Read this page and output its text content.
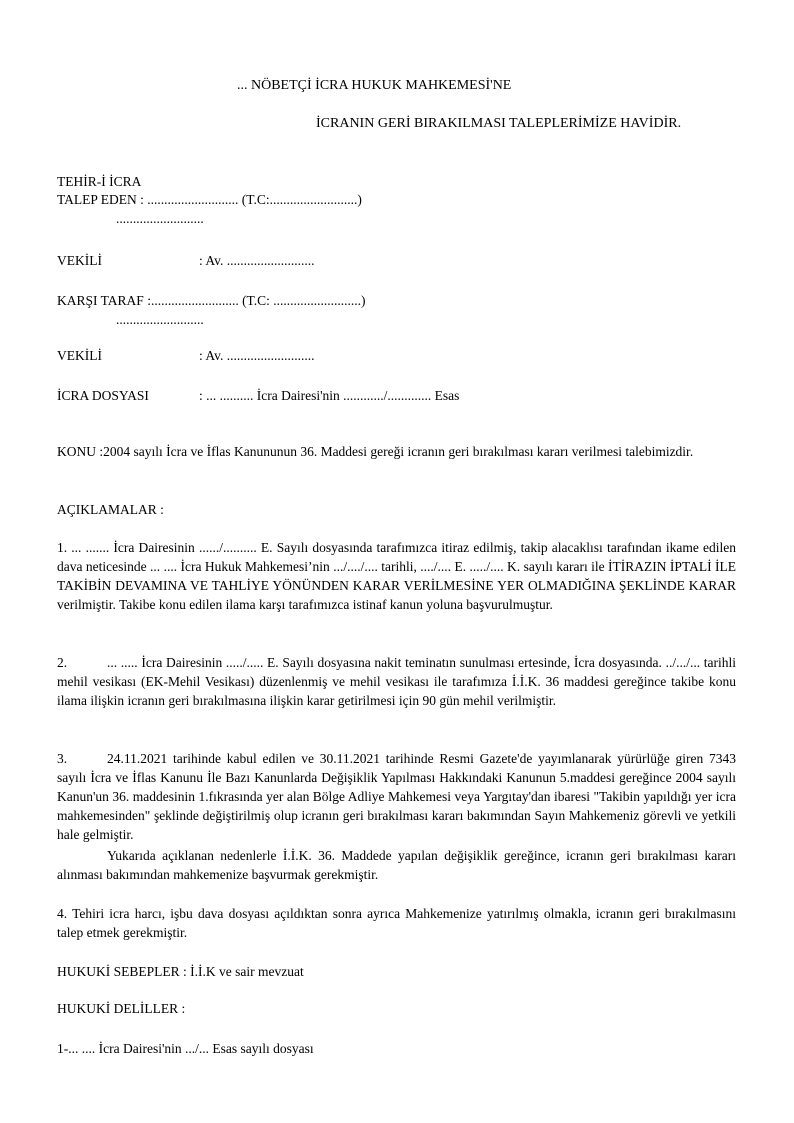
... NÖBETÇİ İCRA HUKUK MAHKEMESİ'NE
İCRANIN GERİ BIRAKILMASI TALEPLERİMİZE HAVİDİR.
TEHİR-İ İCRA
TALEP EDEN : ........................... (T.C:..........................)
..........................
VEKİLİ	: Av. ..........................
KARŞI TARAF :.......................... (T.C: ..........................)
..........................
VEKİLİ	: Av. ..........................
İCRA DOSYASI	: ... .......... İcra Dairesi'nin ............/............. Esas
KONU :2004 sayılı İcra ve İflas Kanununun 36. Maddesi gereği icranın geri bırakılması kararı verilmesi talebimizdir.
AÇIKLAMALAR :
1. ... ....... İcra Dairesinin ....../.......... E. Sayılı dosyasında tarafımızca itiraz edilmiş, takip alacaklısı tarafından ikame edilen dava neticesinde ... .... İcra Hukuk Mahkemesi’nin .../..../.... tarihli, ..../.... E. ...../.... K. sayılı kararı ile İTİRAZIN İPTALİ İLE TAKİBİN DEVAMINA VE TAHLİYE YÖNÜNDEN KARAR VERİLMESİNE YER OLMADIĞINA ŞEKLİNDE KARAR verilmiştir. Takibe konu edilen ilama karşı tarafımızca istinaf kanun yoluna başvurulmuştur.
2.	... ..... İcra Dairesinin ...../..... E. Sayılı dosyasına nakit teminatın sunulması ertesinde, İcra dosyasında. ../.../... tarihli mehil vesikası (EK-Mehil Vesikası) düzenlenmiş ve mehil vesikası ile tarafımıza İ.İ.K. 36 maddesi gereğince takibe konu ilama ilişkin icranın geri bırakılmasına ilişkin karar getirilmesi için 90 gün mehil verilmiştir.
3.	24.11.2021 tarihinde kabul edilen ve 30.11.2021 tarihinde Resmi Gazete'de yayımlanarak yürürlüğe giren 7343 sayılı İcra ve İflas Kanunu İle Bazı Kanunlarda Değişiklik Yapılması Hakkındaki Kanunun 5.maddesi gereğince 2004 sayılı Kanun'un 36. maddesinin 1.fıkrasında yer alan Bölge Adliye Mahkemesi veya Yargıtay'dan ibaresi "Takibin yapıldığı yer icra mahkemesinden" şeklinde değiştirilmiş olup icranın geri bırakılması kararı bakımından Sayın Mahkemeniz görevli ve yetkili hale gelmiştir.
Yukarıda açıklanan nedenlerle İ.İ.K. 36. Maddede yapılan değişiklik gereğince, icranın geri bırakılması kararı alınması bakımından mahkemenize başvurmak gerekmiştir.
4. Tehiri icra harcı, işbu dava dosyası açıldıktan sonra ayrıca Mahkemenize yatırılmış olmakla, icranın geri bırakılmasını talep etmek gerekmiştir.
HUKUKİ SEBEPLER : İ.İ.K ve sair mevzuat
HUKUKİ DELİLLER :
1-... .... İcra Dairesi'nin .../... Esas sayılı dosyası
